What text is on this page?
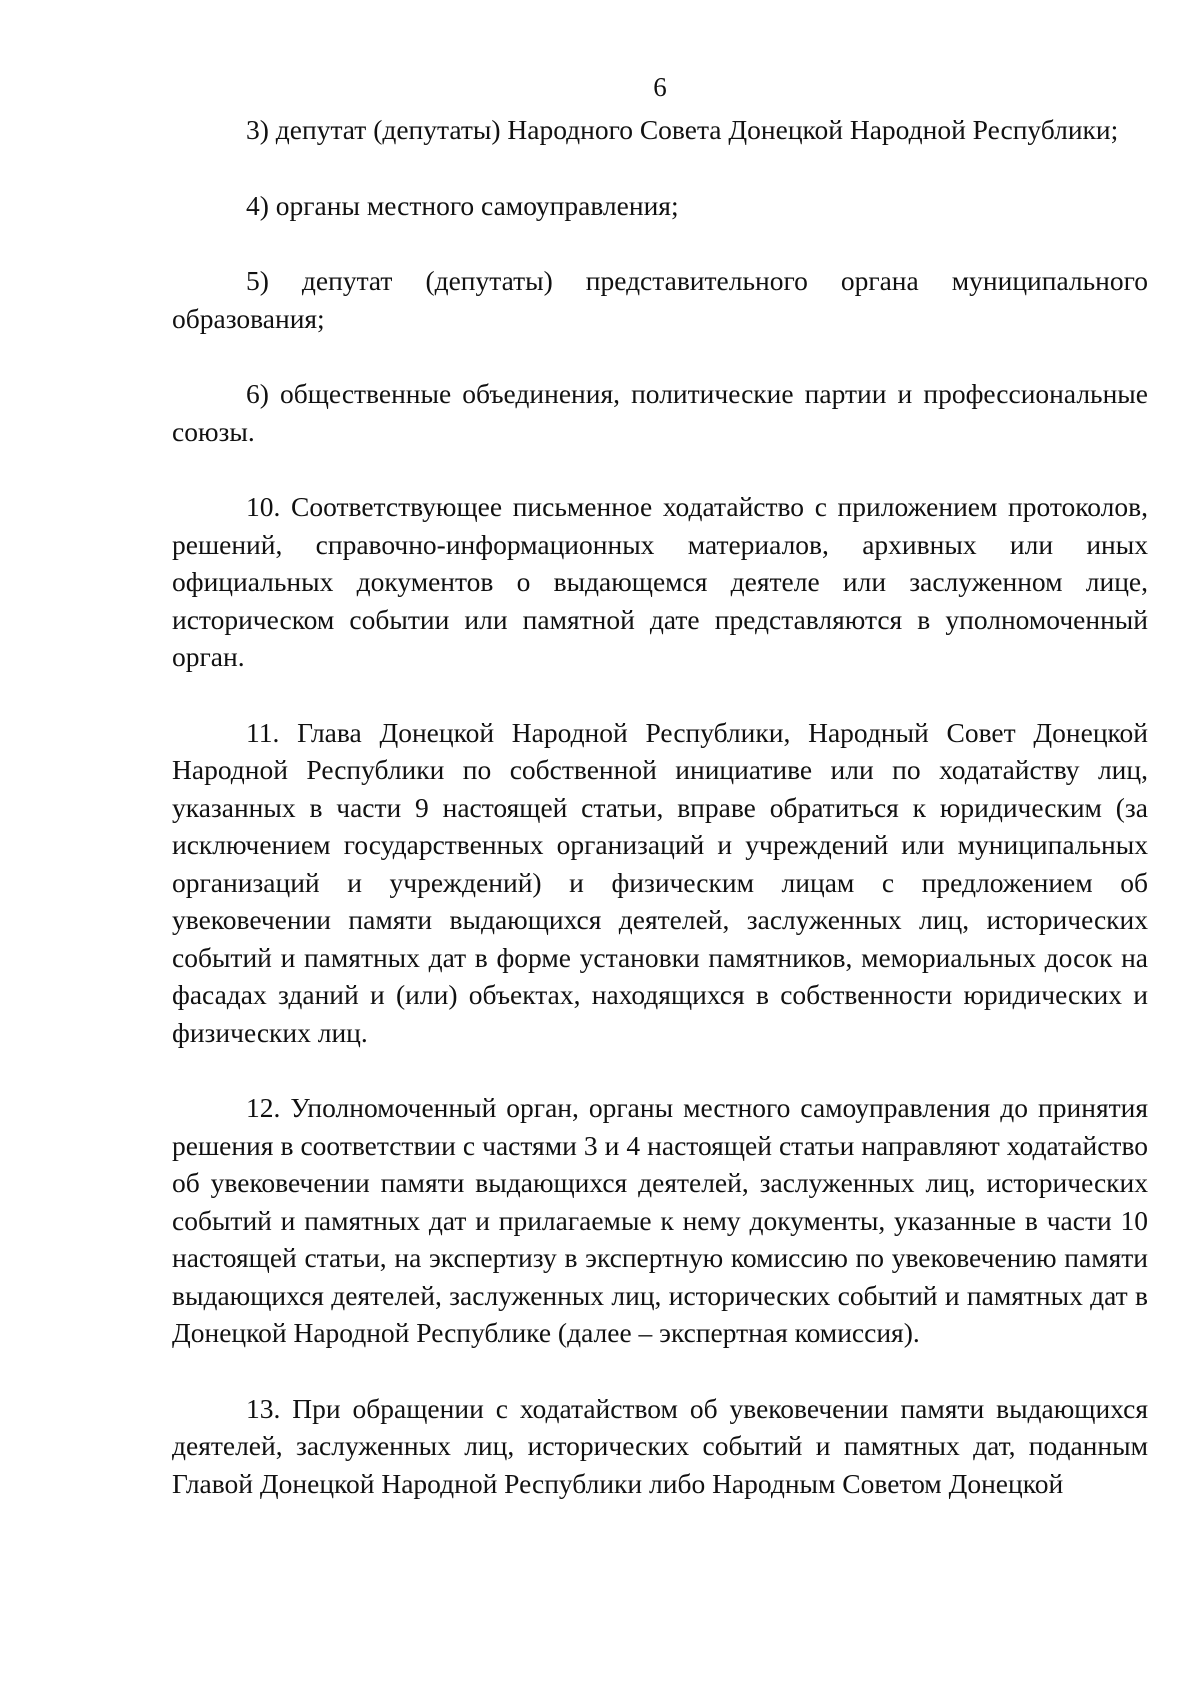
6

3) депутат (депутаты) Народного Совета Донецкой Народной Республики;

4) органы местного самоуправления;

5) депутат (депутаты) представительного органа муниципального образования;

6) общественные объединения, политические партии и профессиональные союзы.

10. Соответствующее письменное ходатайство с приложением протоколов, решений, справочно-информационных материалов, архивных или иных официальных документов о выдающемся деятеле или заслуженном лице, историческом событии или памятной дате представляются в уполномоченный орган.

11. Глава Донецкой Народной Республики, Народный Совет Донецкой Народной Республики по собственной инициативе или по ходатайству лиц, указанных в части 9 настоящей статьи, вправе обратиться к юридическим (за исключением государственных организаций и учреждений или муниципальных организаций и учреждений) и физическим лицам с предложением об увековечении памяти выдающихся деятелей, заслуженных лиц, исторических событий и памятных дат в форме установки памятников, мемориальных досок на фасадах зданий и (или) объектах, находящихся в собственности юридических и физических лиц.

12. Уполномоченный орган, органы местного самоуправления до принятия решения в соответствии с частями 3 и 4 настоящей статьи направляют ходатайство об увековечении памяти выдающихся деятелей, заслуженных лиц, исторических событий и памятных дат и прилагаемые к нему документы, указанные в части 10 настоящей статьи, на экспертизу в экспертную комиссию по увековечению памяти выдающихся деятелей, заслуженных лиц, исторических событий и памятных дат в Донецкой Народной Республике (далее – экспертная комиссия).

13. При обращении с ходатайством об увековечении памяти выдающихся деятелей, заслуженных лиц, исторических событий и памятных дат, поданным Главой Донецкой Народной Республики либо Народным Советом Донецкой
